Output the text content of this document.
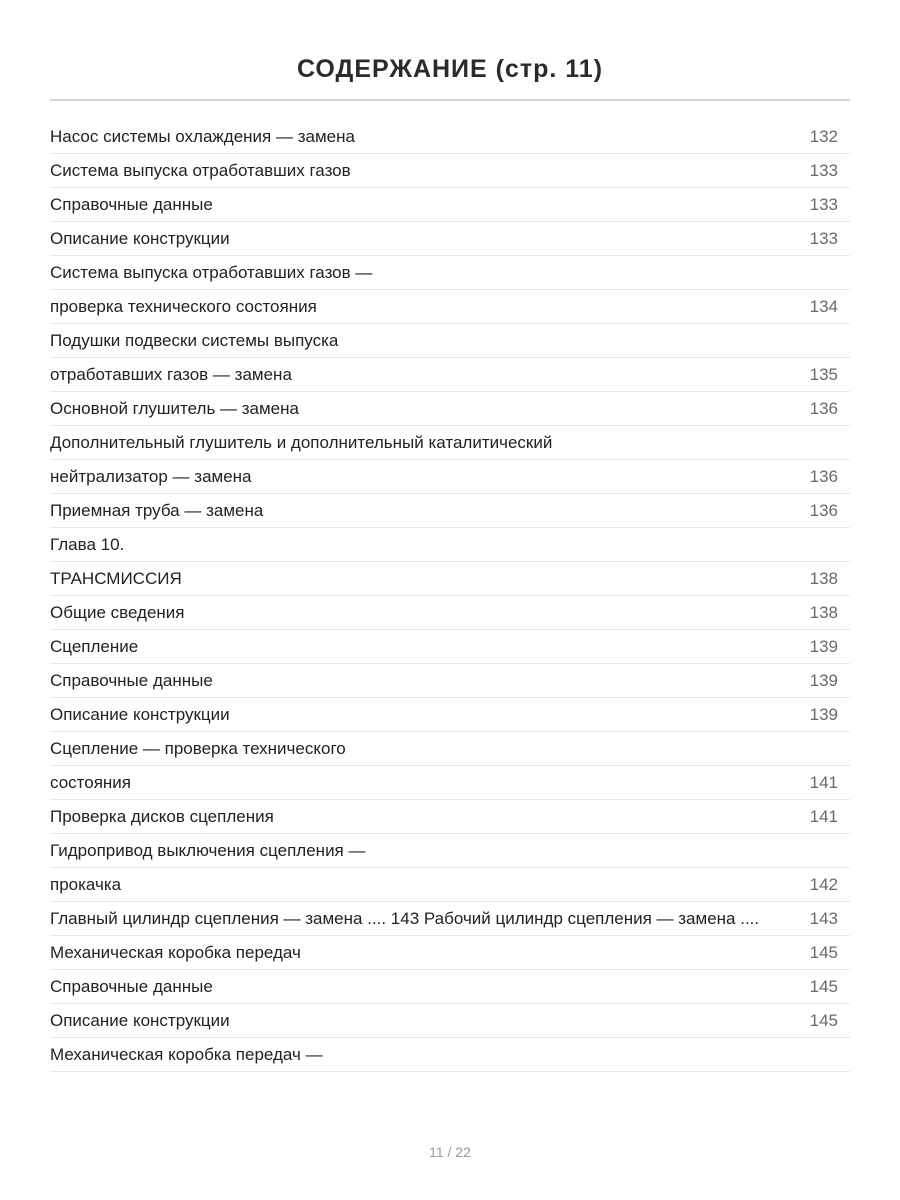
СОДЕРЖАНИЕ (стр. 11)
Насос системы охлаждения — замена	132
Система выпуска отработавших газов	133
Справочные данные	133
Описание конструкции	133
Система выпуска отработавших газов —
проверка технического состояния	134
Подушки подвески системы выпуска
отработавших газов — замена	135
Основной глушитель — замена	136
Дополнительный глушитель и дополнительный каталитический
нейтрализатор — замена	136
Приемная труба — замена	136
Глава 10.
ТРАНСМИССИЯ	138
Общие сведения	138
Сцепление	139
Справочные данные	139
Описание конструкции	139
Сцепление — проверка технического
состояния	141
Проверка дисков сцепления	141
Гидропривод выключения сцепления —
прокачка	142
Главный цилиндр сцепления — замена .... 143 Рабочий цилиндр сцепления — замена ....	143
Механическая коробка передач	145
Справочные данные	145
Описание конструкции	145
Механическая коробка передач —
11 / 22
